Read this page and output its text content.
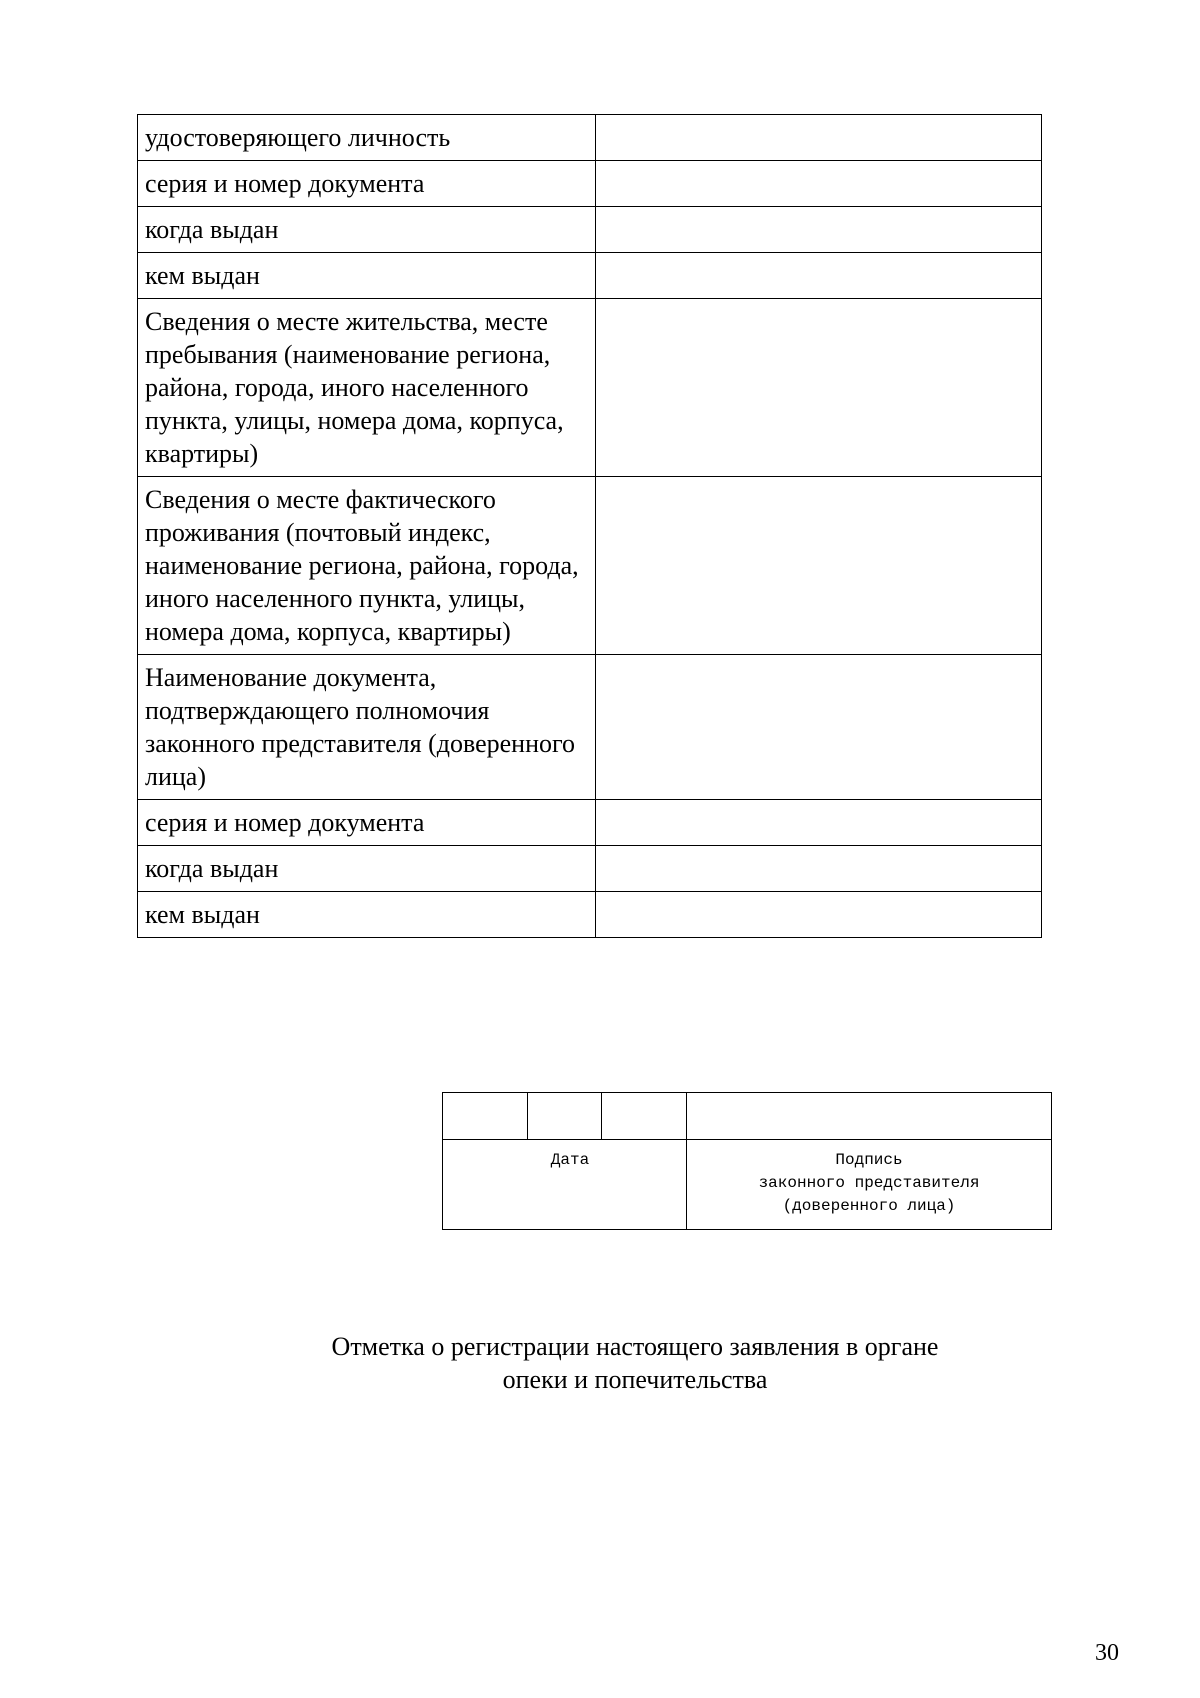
удостоверяющего личность	
серия и номер документа	
когда выдан	
кем выдан	
Сведения о месте жительства, месте пребывания (наименование региона, района, города, иного населенного пункта, улицы, номера дома, корпуса, квартиры)	
Сведения о месте фактического проживания (почтовый индекс, наименование региона, района, города, иного населенного пункта, улицы, номера дома, корпуса, квартиры)	
Наименование документа, подтверждающего полномочия законного представителя (доверенного лица)	
серия и номер документа	
когда выдан	
кем выдан	
Дата	Подпись
законного представителя
(доверенного лица)
Отметка о регистрации настоящего заявления в органе
опеки и попечительства
30
